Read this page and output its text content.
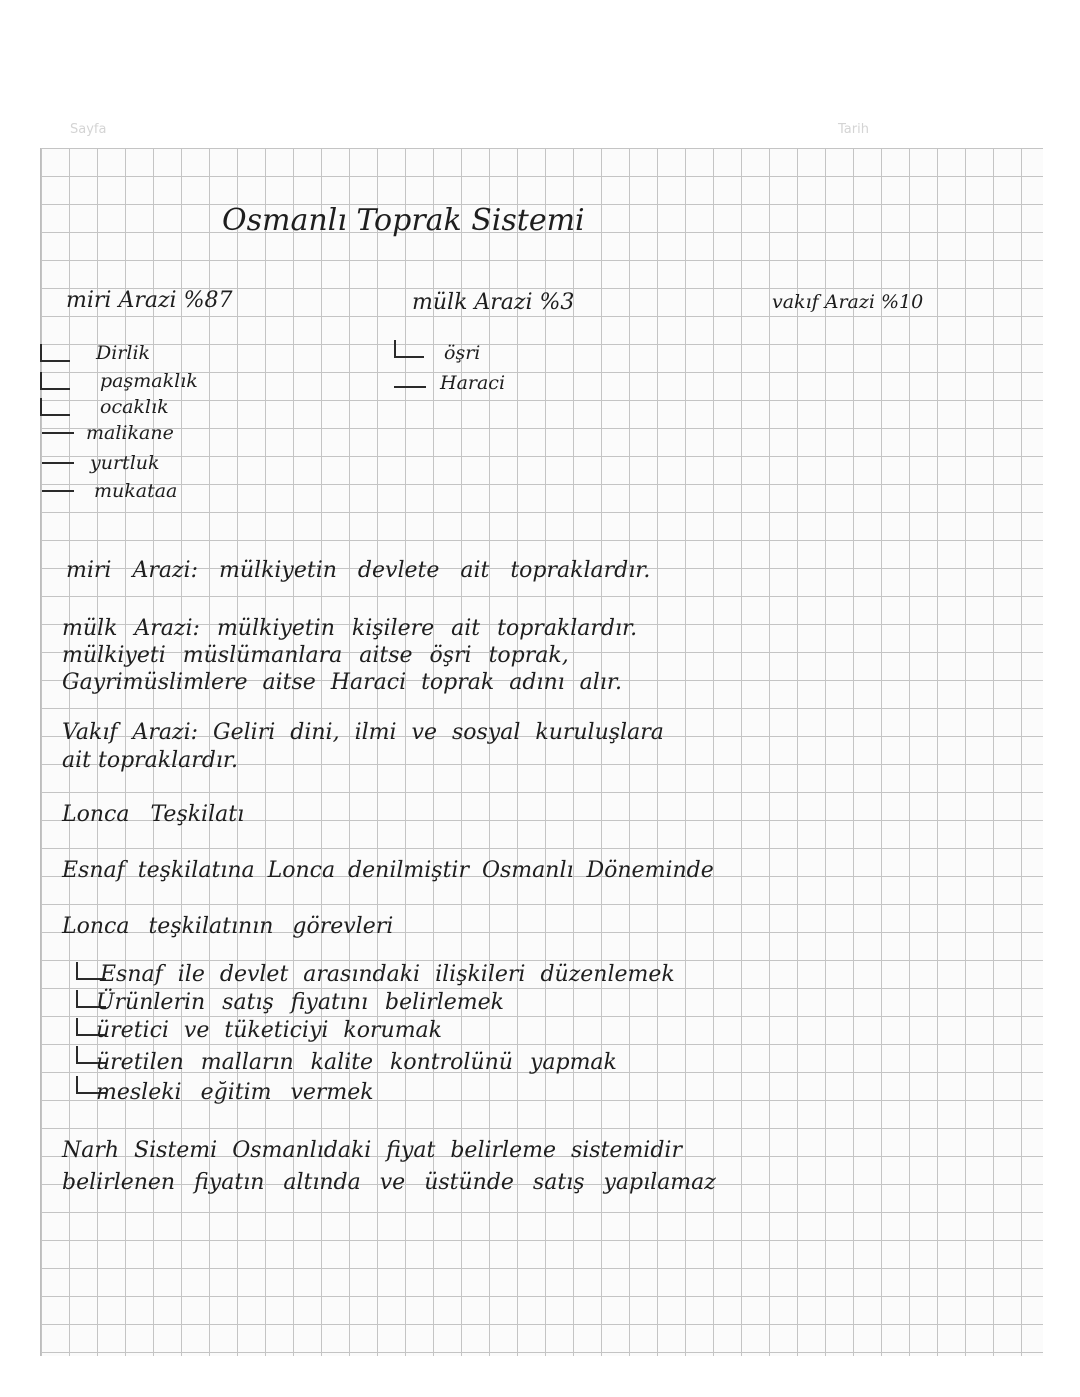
Sayfa	Tarih
Osmanlı Toprak Sistemi
miri Arazi %87	mülk Arazi %3	vakıf Arazi %10
Dirlik
paşmaklık
ocaklık
malikane
yurtluk
mukataa
öşri
Haraci
miri Arazi: mülkiyetin devlete ait topraklardır.
mülk Arazi: mülkiyetin kişilere ait topraklardır.
mülkiyeti müslümanlara aitse öşri toprak,
Gayrimüslimlere aitse Haraci toprak adını alır.
Vakıf Arazi: Geliri dini, ilmi ve sosyal kuruluşlara
ait topraklardır.
Lonca Teşkilatı
Esnaf teşkilatına Lonca denilmiştir Osmanlı Döneminde
Lonca teşkilatının görevleri
Esnaf ile devlet arasındaki ilişkileri düzenlemek
Ürünlerin satış fiyatını belirlemek
üretici ve tüketiciyi korumak
üretilen malların kalite kontrolünü yapmak
mesleki eğitim vermek
Narh Sistemi Osmanlıdaki fiyat belirleme sistemidir
belirlenen fiyatın altında ve üstünde satış yapılamaz
